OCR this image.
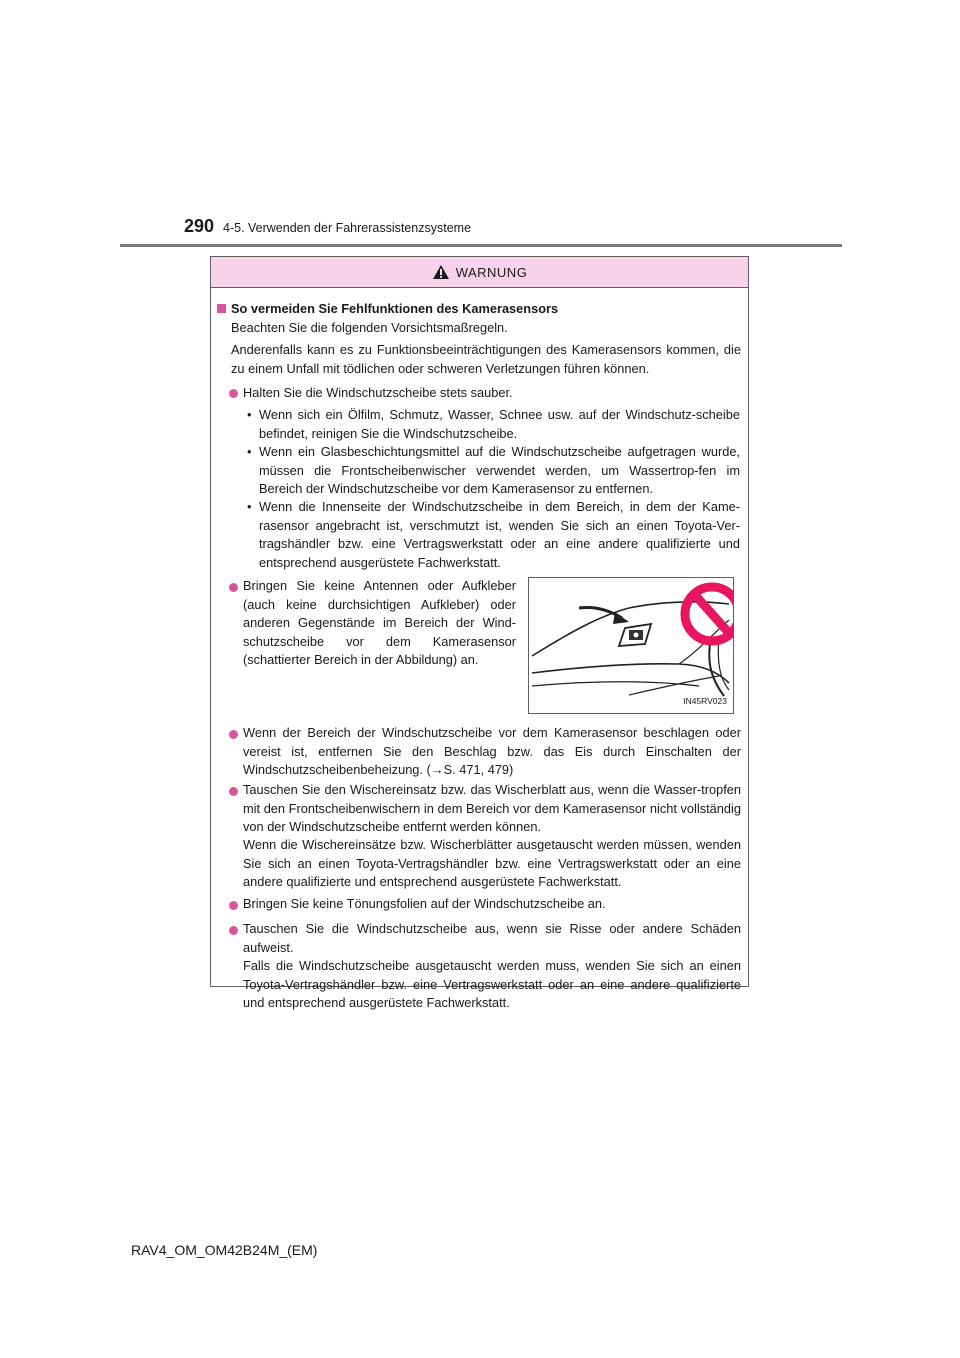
290 4-5. Verwenden der Fahrerassistenzsysteme
WARNUNG
So vermeiden Sie Fehlfunktionen des Kamerasensors
Beachten Sie die folgenden Vorsichtsmaßregeln.
Anderenfalls kann es zu Funktionsbeeinträchtigungen des Kamerasensors kommen, die zu einem Unfall mit tödlichen oder schweren Verletzungen führen können.
Halten Sie die Windschutzscheibe stets sauber.
• Wenn sich ein Ölfilm, Schmutz, Wasser, Schnee usw. auf der Windschutz-scheibe befindet, reinigen Sie die Windschutzscheibe.
• Wenn ein Glasbeschichtungsmittel auf die Windschutzscheibe aufgetragen wurde, müssen die Frontscheibenwischer verwendet werden, um Wassertrop-fen im Bereich der Windschutzscheibe vor dem Kamerasensor zu entfernen.
• Wenn die Innenseite der Windschutzscheibe in dem Bereich, in dem der Kame-rasensor angebracht ist, verschmutzt ist, wenden Sie sich an einen Toyota-Ver-tragshändler bzw. eine Vertragswerkstatt oder an eine andere qualifizierte und entsprechend ausgerüstete Fachwerkstatt.
Bringen Sie keine Antennen oder Aufkleber (auch keine durchsichtigen Aufkleber) oder anderen Gegenstände im Bereich der Wind-schutzscheibe vor dem Kamerasensor (schattierter Bereich in der Abbildung) an.
IN45RV023
Wenn der Bereich der Windschutzscheibe vor dem Kamerasensor beschlagen oder vereist ist, entfernen Sie den Beschlag bzw. das Eis durch Einschalten der Windschutzscheibenbeheizung. (→S. 471, 479)
Tauschen Sie den Wischereinsatz bzw. das Wischerblatt aus, wenn die Wasser-tropfen mit den Frontscheibenwischern in dem Bereich vor dem Kamerasensor nicht vollständig von der Windschutzscheibe entfernt werden können.
Wenn die Wischereinsätze bzw. Wischerblätter ausgetauscht werden müssen, wenden Sie sich an einen Toyota-Vertragshändler bzw. eine Vertragswerkstatt oder an eine andere qualifizierte und entsprechend ausgerüstete Fachwerkstatt.
Bringen Sie keine Tönungsfolien auf der Windschutzscheibe an.
Tauschen Sie die Windschutzscheibe aus, wenn sie Risse oder andere Schäden aufweist.
Falls die Windschutzscheibe ausgetauscht werden muss, wenden Sie sich an einen Toyota-Vertragshändler bzw. eine Vertragswerkstatt oder an eine andere qualifizierte und entsprechend ausgerüstete Fachwerkstatt.
RAV4_OM_OM42B24M_(EM)
